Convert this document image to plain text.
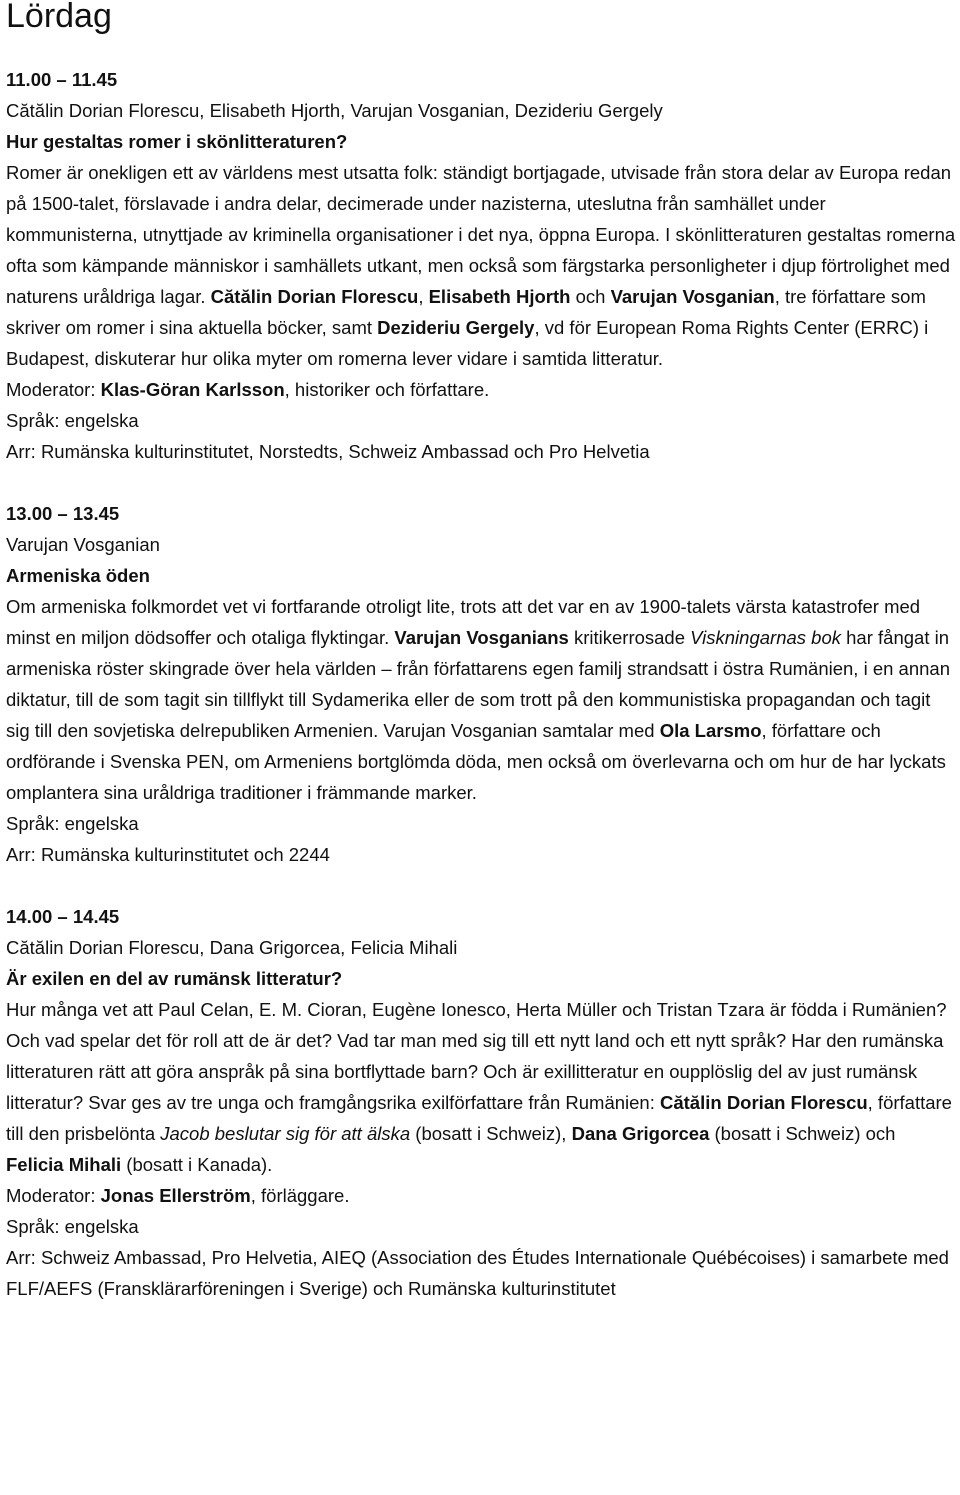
Lördag

11.00 – 11.45

Cătălin Dorian Florescu, Elisabeth Hjorth, Varujan Vosganian, Dezideriu Gergely

Hur gestaltas romer i skönlitteraturen?

Romer är onekligen ett av världens mest utsatta folk: ständigt bortjagade, utvisade från stora delar av Europa redan på 1500-talet, förslavade i andra delar, decimerade under nazisterna, uteslutna från samhället under kommunisterna, utnyttjade av kriminella organisationer i det nya, öppna Europa. I skönlitteraturen gestaltas romerna ofta som kämpande människor i samhällets utkant, men också som färgstarka personligheter i djup förtrolighet med naturens uråldriga lagar. Cătălin Dorian Florescu, Elisabeth Hjorth och Varujan Vosganian, tre författare som skriver om romer i sina aktuella böcker, samt Dezideriu Gergely, vd för European Roma Rights Center (ERRC) i Budapest, diskuterar hur olika myter om romerna lever vidare i samtida litteratur.

Moderator: Klas-Göran Karlsson, historiker och författare.

Språk: engelska

Arr: Rumänska kulturinstitutet, Norstedts, Schweiz Ambassad och Pro Helvetia

13.00 – 13.45

Varujan Vosganian

Armeniska öden

Om armeniska folkmordet vet vi fortfarande otroligt lite, trots att det var en av 1900-talets värsta katastrofer med minst en miljon dödsoffer och otaliga flyktingar. Varujan Vosganians kritikerrosade Viskningarnas bok har fångat in armeniska röster skingrade över hela världen – från författarens egen familj strandsatt i östra Rumänien, i en annan diktatur, till de som tagit sin tillflykt till Sydamerika eller de som trott på den kommunistiska propagandan och tagit sig till den sovjetiska delrepubliken Armenien. Varujan Vosganian samtalar med Ola Larsmo, författare och ordförande i Svenska PEN, om Armeniens bortglömda döda, men också om överlevarna och om hur de har lyckats omplantera sina uråldriga traditioner i främmande marker.

Språk: engelska

Arr: Rumänska kulturinstitutet och 2244

14.00 – 14.45

Cătălin Dorian Florescu, Dana Grigorcea, Felicia Mihali

Är exilen en del av rumänsk litteratur?

Hur många vet att Paul Celan, E. M. Cioran, Eugène Ionesco, Herta Müller och Tristan Tzara är födda i Rumänien? Och vad spelar det för roll att de är det? Vad tar man med sig till ett nytt land och ett nytt språk? Har den rumänska litteraturen rätt att göra anspråk på sina bortflyttade barn? Och är exillitteratur en oupplöslig del av just rumänsk litteratur? Svar ges av tre unga och framgångsrika exilförfattare från Rumänien: Cătălin Dorian Florescu, författare till den prisbelönta Jacob beslutar sig för att älska (bosatt i Schweiz), Dana Grigorcea (bosatt i Schweiz) och Felicia Mihali (bosatt i Kanada).

Moderator: Jonas Ellerström, förläggare.

Språk: engelska

Arr: Schweiz Ambassad, Pro Helvetia, AIEQ (Association des Études Internationale Québécoises) i samarbete med FLF/AEFS (Fransklärarföreningen i Sverige) och Rumänska kulturinstitutet
